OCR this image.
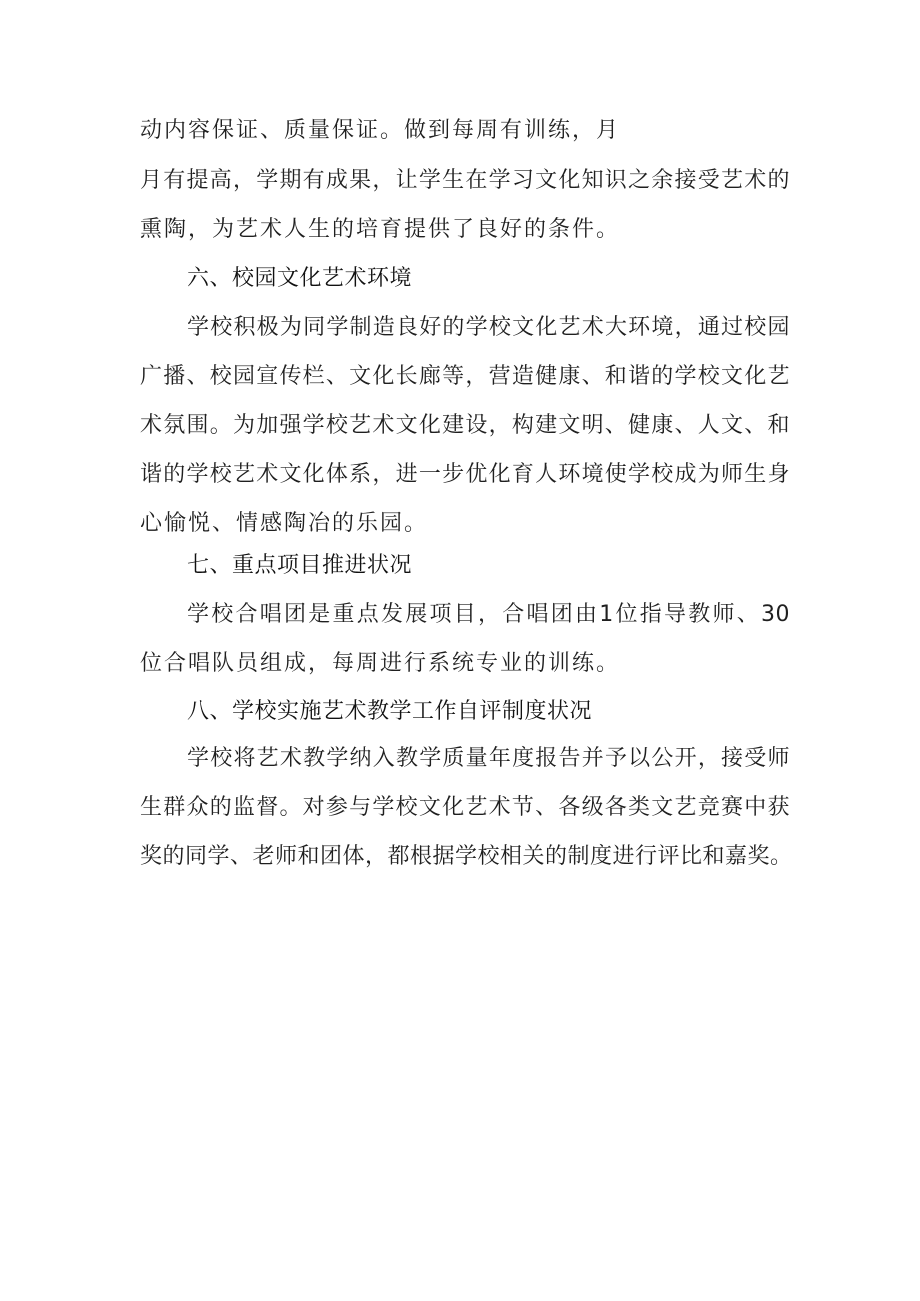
动内容保证、质量保证。做到每周有训练，月
月有提高，学期有成果，让学生在学习文化知识之余接受艺术的
熏陶，为艺术人生的培育提供了良好的条件。
六、校园文化艺术环境
学校积极为同学制造良好的学校文化艺术大环境，通过校园
广播、校园宣传栏、文化长廊等，营造健康、和谐的学校文化艺
术氛围。为加强学校艺术文化建设，构建文明、健康、人文、和
谐的学校艺术文化体系，进一步优化育人环境使学校成为师生身
心愉悦、情感陶冶的乐园。
七、重点项目推进状况
学校合唱团是重点发展项目，合唱团由1位指导教师、30
位合唱队员组成，每周进行系统专业的训练。
八、学校实施艺术教学工作自评制度状况
学校将艺术教学纳入教学质量年度报告并予以公开，接受师
生群众的监督。对参与学校文化艺术节、各级各类文艺竞赛中获
奖的同学、老师和团体，都根据学校相关的制度进行评比和嘉奖。
